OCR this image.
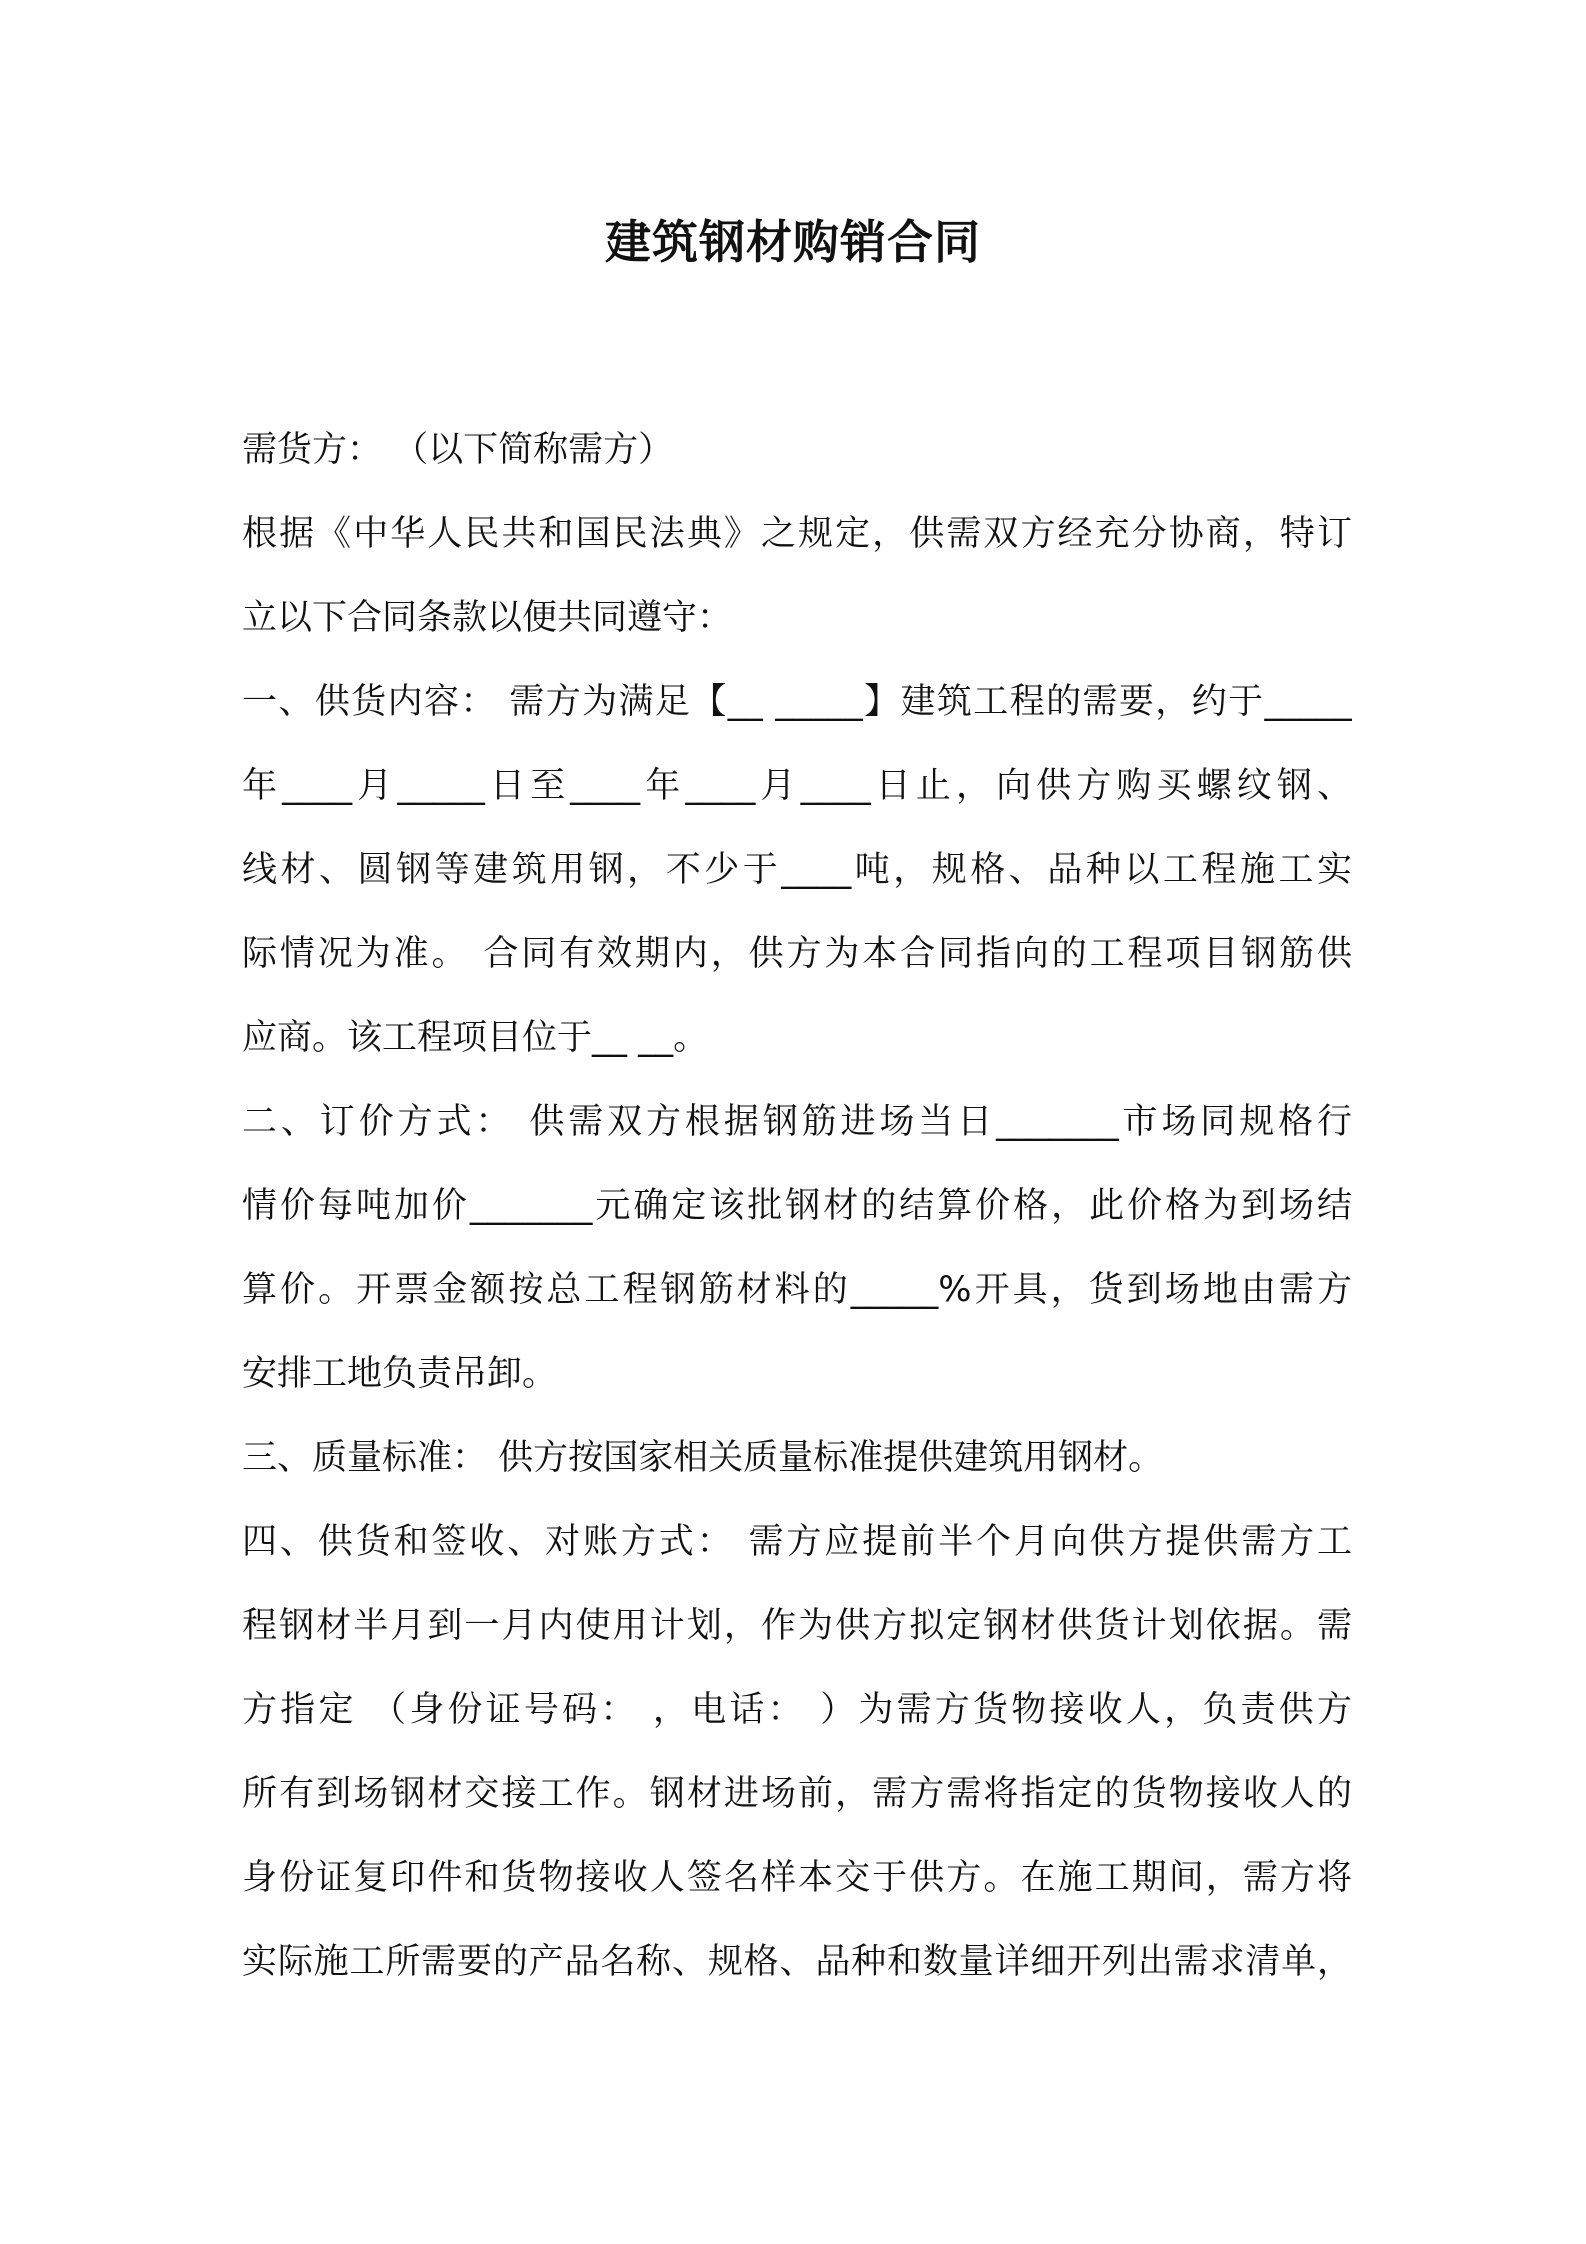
建筑钢材购销合同
需货方： （以下简称需方）
根据《中华人民共和国民法典》之规定，供需双方经充分协商，特订
立以下合同条款以便共同遵守：
一、供货内容： 需方为满足【__ _____】建筑工程的需要，约于_____
年____月_____日至____年____月____日止，向供方购买螺纹钢、
线材、圆钢等建筑用钢，不少于____吨，规格、品种以工程施工实
际情况为准。 合同有效期内，供方为本合同指向的工程项目钢筋供
应商。该工程项目位于__ __。
二、订价方式： 供需双方根据钢筋进场当日_______市场同规格行
情价每吨加价_______元确定该批钢材的结算价格，此价格为到场结
算价。开票金额按总工程钢筋材料的_____%开具，货到场地由需方
安排工地负责吊卸。
三、质量标准： 供方按国家相关质量标准提供建筑用钢材。
四、供货和签收、对账方式： 需方应提前半个月向供方提供需方工
程钢材半月到一月内使用计划，作为供方拟定钢材供货计划依据。需
方指定 （身份证号码： ，电话： ）为需方货物接收人，负责供方
所有到场钢材交接工作。钢材进场前，需方需将指定的货物接收人的
身份证复印件和货物接收人签名样本交于供方。在施工期间，需方将
实际施工所需要的产品名称、规格、品种和数量详细开列出需求清单，
